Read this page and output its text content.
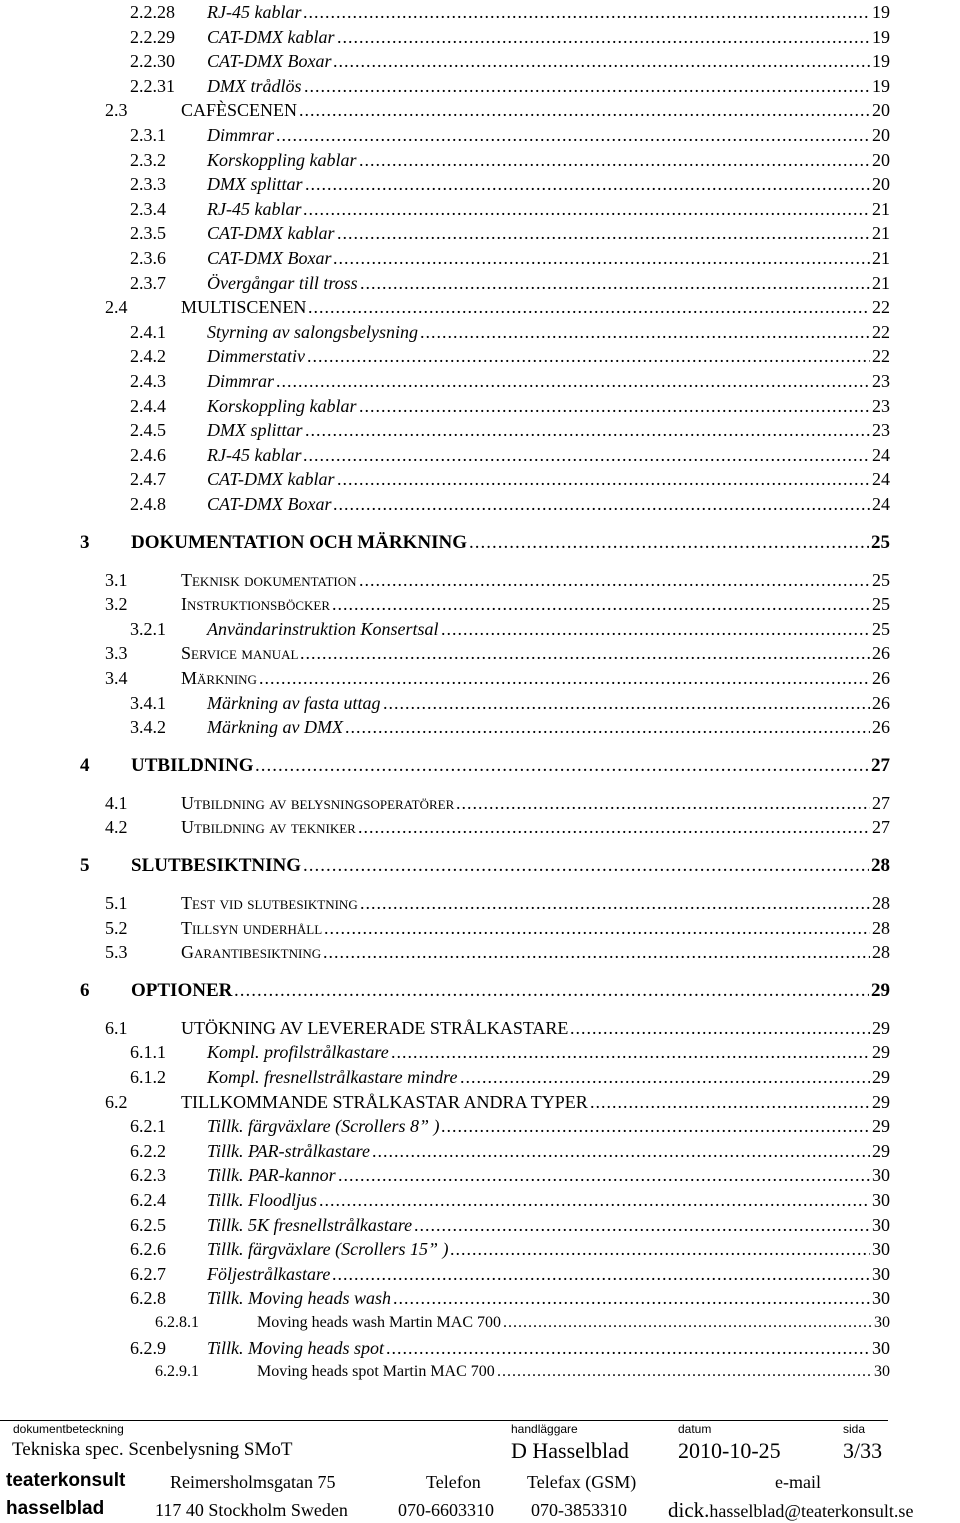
2.2.28 RJ-45 kablar .....	19
2.2.29 CAT-DMX kablar .....	19
2.2.30 CAT-DMX Boxar .....	19
2.2.31 DMX trådlös .....	19
2.3	CAFÈSCENEN .....	20
2.3.1 Dimmrar .....	20
2.3.2 Korskoppling kablar .....	20
2.3.3 DMX splittar .....	20
2.3.4 RJ-45 kablar .....	21
2.3.5 CAT-DMX kablar .....	21
2.3.6 CAT-DMX Boxar .....	21
2.3.7 Övergångar till tross .....	21
2.4	MULTISCENEN .....	22
2.4.1 Styrning av salongsbelysning .....	22
2.4.2 Dimmerstativ .....	22
2.4.3 Dimmrar .....	23
2.4.4 Korskoppling kablar .....	23
2.4.5 DMX splittar .....	23
2.4.6 RJ-45 kablar .....	24
2.4.7 CAT-DMX kablar .....	24
2.4.8 CAT-DMX Boxar .....	24
3 DOKUMENTATION OCH MÄRKNING .....	25
3.1	Teknisk dokumentation .....	25
3.2	Instruktionsböcker .....	25
3.2.1 Användarinstruktion Konsertsal .....	25
3.3	Service manual .....	26
3.4	Märkning .....	26
3.4.1 Märkning av fasta uttag .....	26
3.4.2 Märkning av DMX .....	26
4 UTBILDNING .....	27
4.1	Utbildning av belysningsoperatörer .....	27
4.2	Utbildning av tekniker .....	27
5 SLUTBESIKTNING .....	28
5.1	Test vid slutbesiktning .....	28
5.2	Tillsyn underhåll .....	28
5.3	Garantibesiktning .....	28
6 OPTIONER .....	29
6.1	UTÖKNING AV LEVERERADE STRÅLKASTARE .....	29
6.1.1 Kompl. profilstrålkastare .....	29
6.1.2 Kompl. fresnellstrålkastare mindre .....	29
6.2	TILLKOMMANDE STRÅLKASTAR ANDRA TYPER .....	29
6.2.1 Tillk. färgväxlare (Scrollers 8” ) .....	29
6.2.2 Tillk. PAR-strålkastare .....	29
6.2.3 Tillk. PAR-kannor .....	30
6.2.4 Tillk. Floodljus .....	30
6.2.5 Tillk. 5K fresnellstrålkastare .....	30
6.2.6 Tillk. färgväxlare (Scrollers 15” ) .....	30
6.2.7 Följestrålkastare .....	30
6.2.8 Tillk. Moving heads wash .....	30
6.2.8.1	Moving heads wash Martin MAC 700 .....	30
6.2.9 Tillk. Moving heads spot .....	30
6.2.9.1	Moving heads spot Martin MAC 700 .....	30
dokumentbeteckning	handläggare	datum	sida
Tekniska spec. Scenbelysning SMoT	D Hasselblad 2010-10-25	3/33
teaterkonsult
hasselblad
Reimersholmsgatan 75
117 40 Stockholm Sweden
Telefon
070-6603310
Telefax (GSM)
070-3853310
e-mail
dick.hasselblad@teaterkonsult.se
